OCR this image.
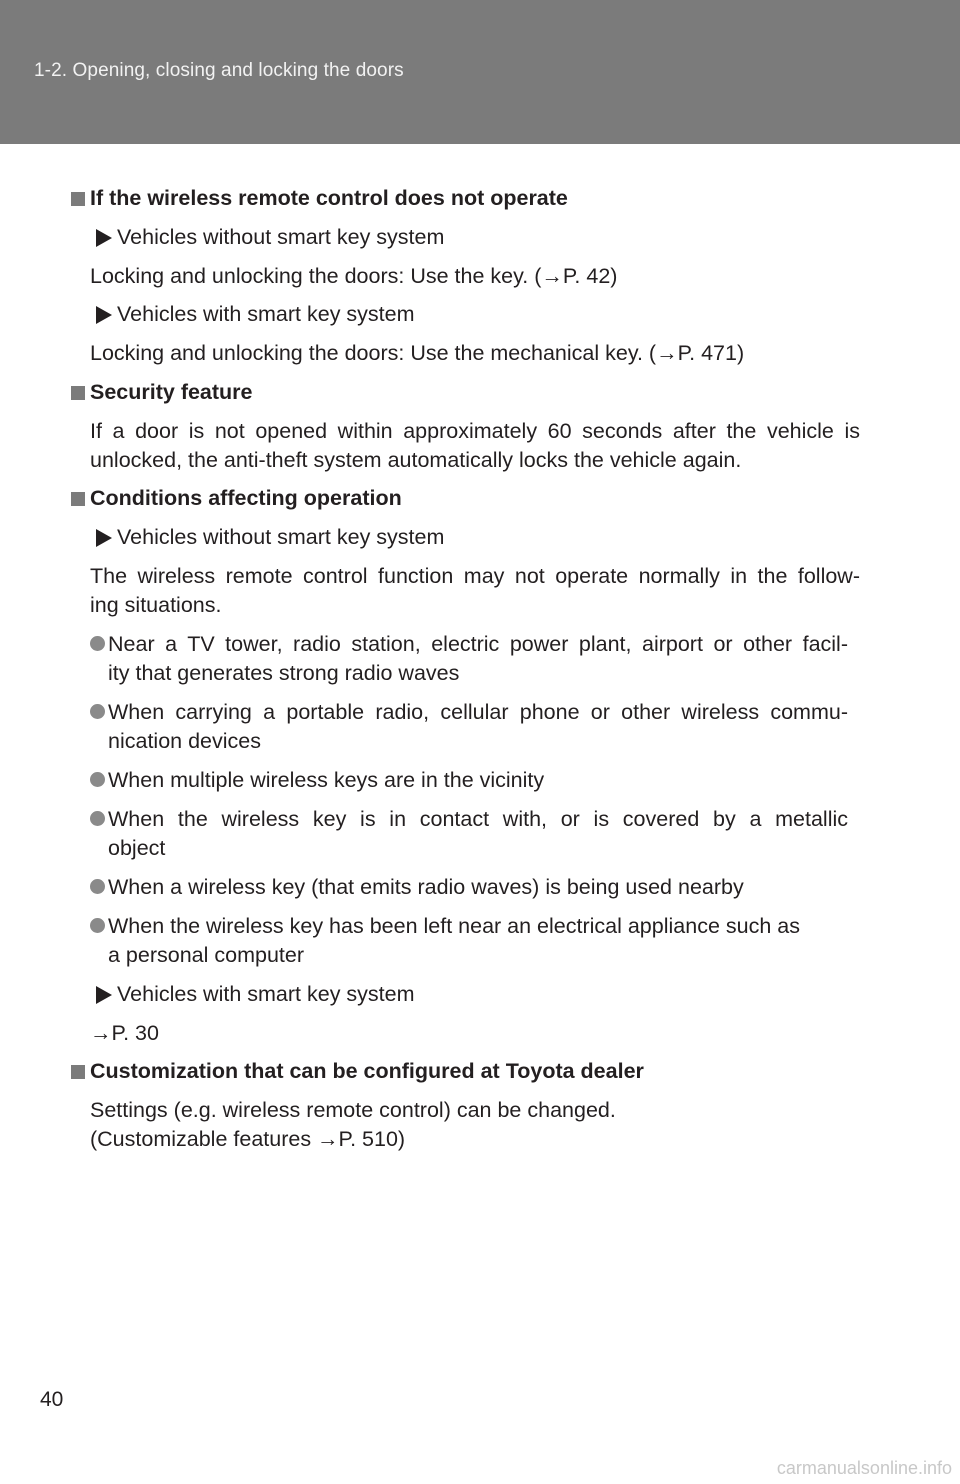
1-2. Opening, closing and locking the doors
If the wireless remote control does not operate
Vehicles without smart key system
Locking and unlocking the doors: Use the key. (→P. 42)
Vehicles with smart key system
Locking and unlocking the doors: Use the mechanical key. (→P. 471)
Security feature
If a door is not opened within approximately 60 seconds after the vehicle is
unlocked, the anti-theft system automatically locks the vehicle again.
Conditions affecting operation
Vehicles without smart key system
The wireless remote control function may not operate normally in the follow-
ing situations.
Near a TV tower, radio station, electric power plant, airport or other facil-
ity that generates strong radio waves
When carrying a portable radio, cellular phone or other wireless commu-
nication devices
When multiple wireless keys are in the vicinity
When the wireless key is in contact with, or is covered by a metallic
object
When a wireless key (that emits radio waves) is being used nearby
When the wireless key has been left near an electrical appliance such as
a personal computer
Vehicles with smart key system
→P. 30
Customization that can be configured at Toyota dealer
Settings (e.g. wireless remote control) can be changed.
(Customizable features →P. 510)
40
carmanualsonline.info
